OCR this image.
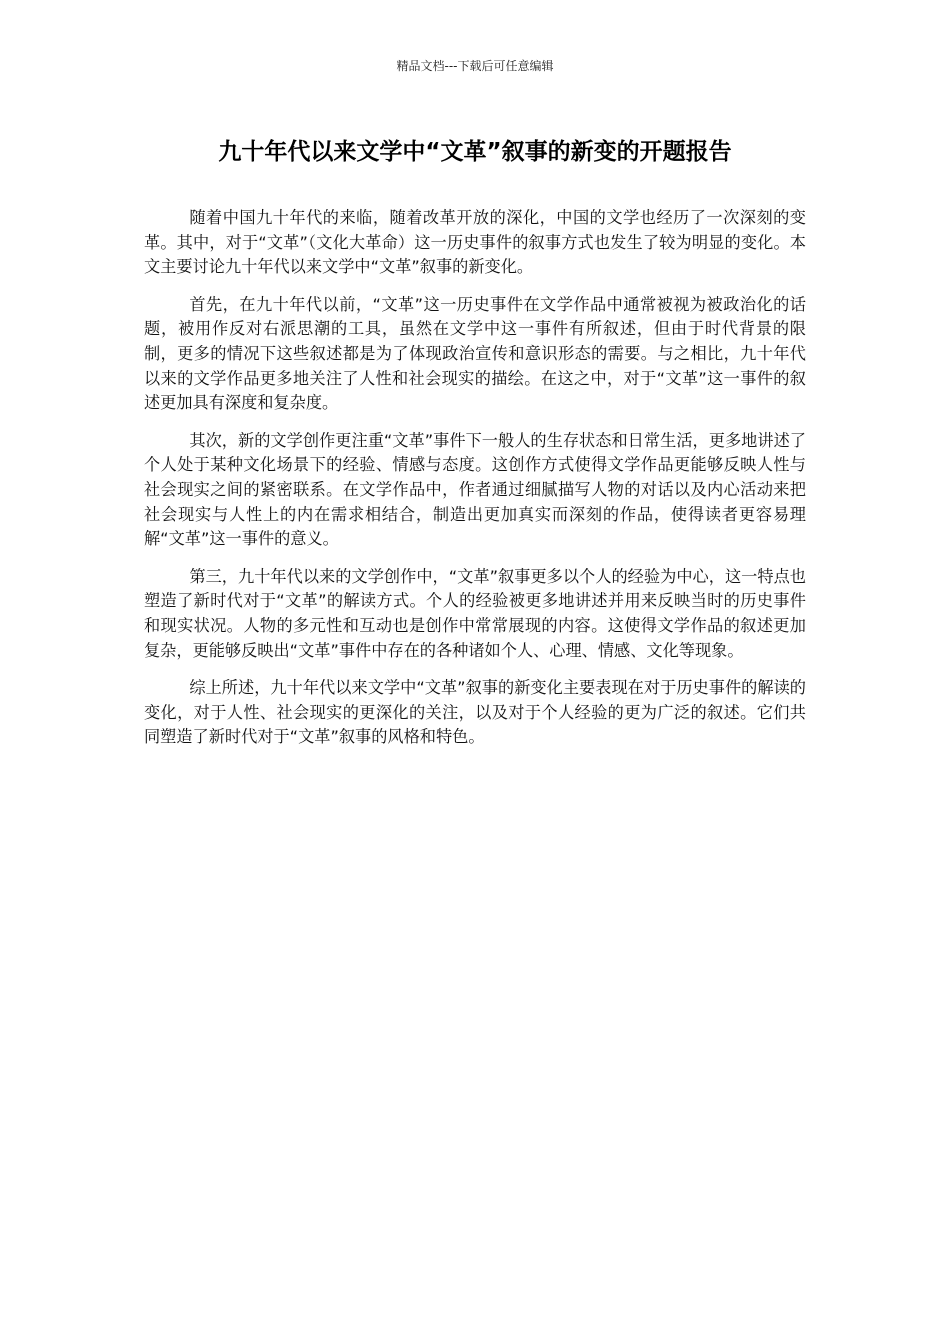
精品文档---下载后可任意编辑
九十年代以来文学中“文革”叙事的新变的开题报告

随着中国九十年代的来临，随着改革开放的深化，中国的文学也经历了一次深刻的变革。其中，对于“文革”（文化大革命）这一历史事件的叙事方式也发生了较为明显的变化。本文主要讨论九十年代以来文学中“文革”叙事的新变化。

首先，在九十年代以前，“文革”这一历史事件在文学作品中通常被视为被政治化的话题，被用作反对右派思潮的工具，虽然在文学中这一事件有所叙述，但由于时代背景的限制，更多的情况下这些叙述都是为了体现政治宣传和意识形态的需要。与之相比，九十年代以来的文学作品更多地关注了人性和社会现实的描绘。在这之中，对于“文革”这一事件的叙述更加具有深度和复杂度。

其次，新的文学创作更注重“文革”事件下一般人的生存状态和日常生活，更多地讲述了个人处于某种文化场景下的经验、情感与态度。这创作方式使得文学作品更能够反映人性与社会现实之间的紧密联系。在文学作品中，作者通过细腻描写人物的对话以及内心活动来把社会现实与人性上的内在需求相结合，制造出更加真实而深刻的作品，使得读者更容易理解“文革”这一事件的意义。

第三，九十年代以来的文学创作中，“文革”叙事更多以个人的经验为中心，这一特点也塑造了新时代对于“文革”的解读方式。个人的经验被更多地讲述并用来反映当时的历史事件和现实状况。人物的多元性和互动也是创作中常常展现的内容。这使得文学作品的叙述更加复杂，更能够反映出“文革”事件中存在的各种诸如个人、心理、情感、文化等现象。

综上所述，九十年代以来文学中“文革”叙事的新变化主要表现在对于历史事件的解读的变化，对于人性、社会现实的更深化的关注，以及对于个人经验的更为广泛的叙述。它们共同塑造了新时代对于“文革”叙事的风格和特色。
